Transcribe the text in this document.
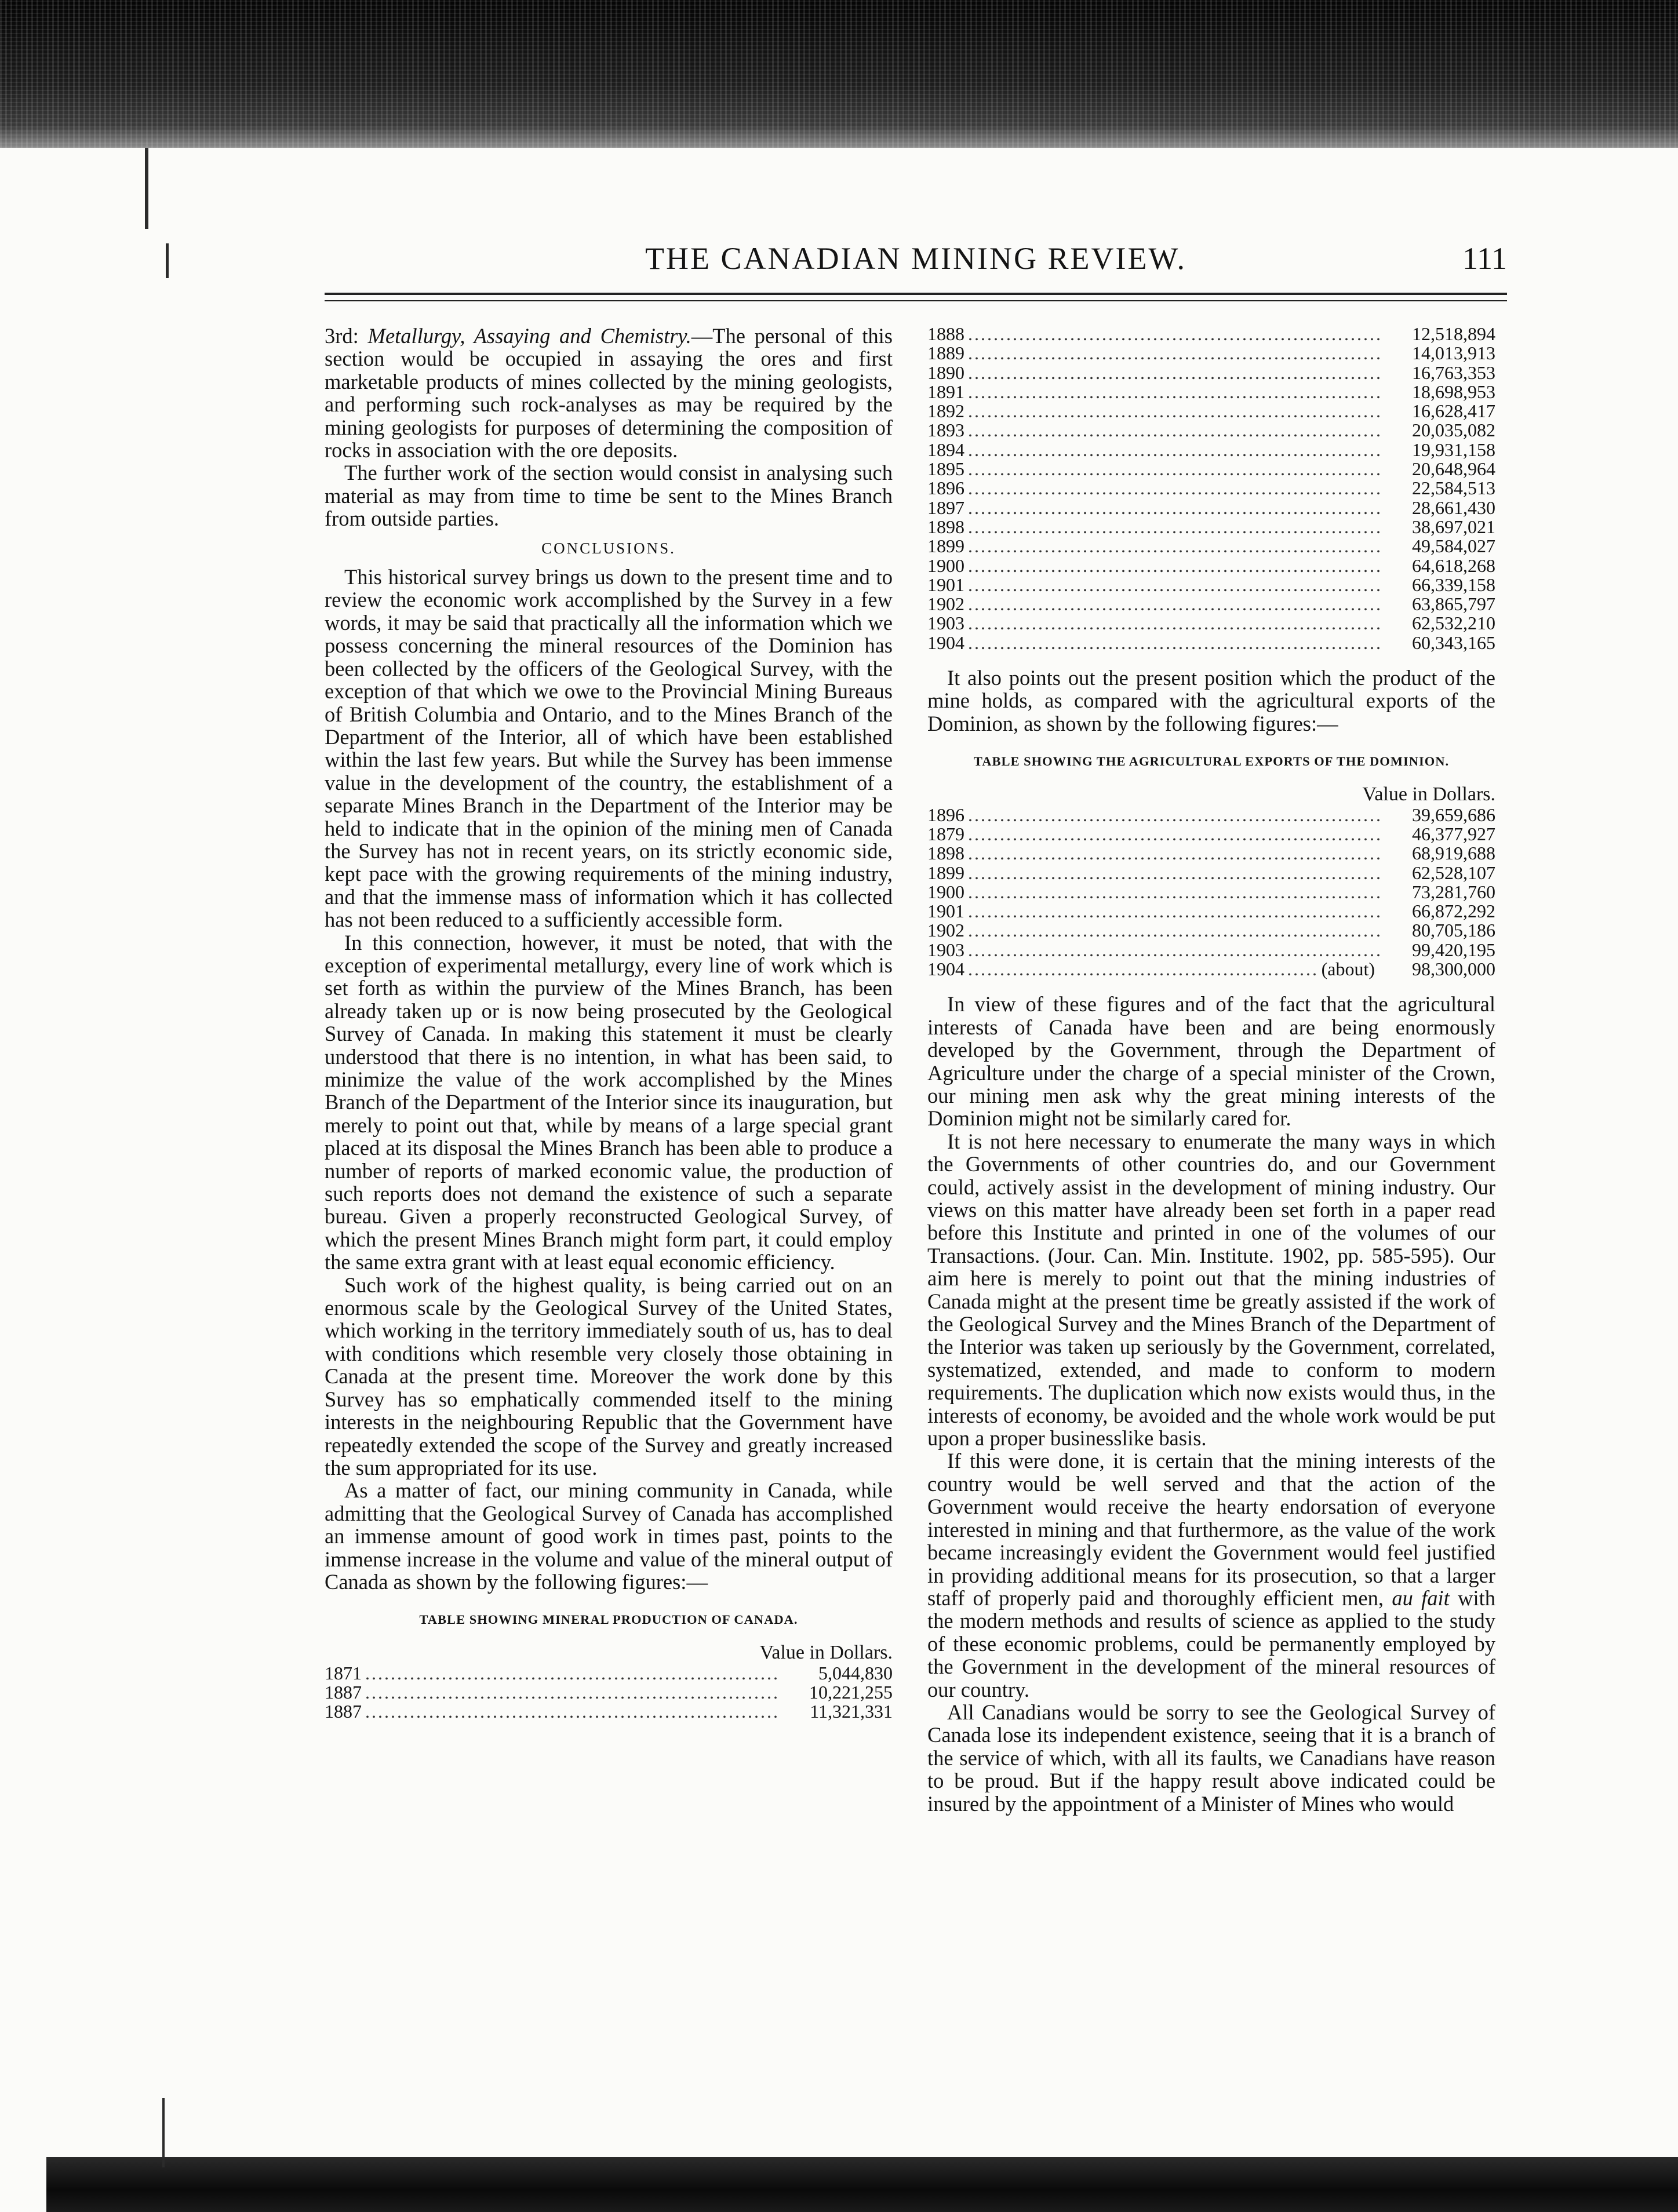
THE CANADIAN MINING REVIEW.	111

3rd: Metallurgy, Assaying and Chemistry.—The personal of this section would be occupied in assaying the ores and first marketable products of mines collected by the mining geologists, and performing such rock-analyses as may be required by the mining geologists for purposes of determining the composition of rocks in association with the ore deposits.

The further work of the section would consist in analysing such material as may from time to time be sent to the Mines Branch from outside parties.

CONCLUSIONS.

This historical survey brings us down to the present time and to review the economic work accomplished by the Survey in a few words, it may be said that practically all the information which we possess concerning the mineral resources of the Dominion has been collected by the officers of the Geological Survey, with the exception of that which we owe to the Provincial Mining Bureaus of British Columbia and Ontario, and to the Mines Branch of the Department of the Interior, all of which have been established within the last few years. But while the Survey has been immense value in the development of the country, the establishment of a separate Mines Branch in the Department of the Interior may be held to indicate that in the opinion of the mining men of Canada the Survey has not in recent years, on its strictly economic side, kept pace with the growing requirements of the mining industry, and that the immense mass of information which it has collected has not been reduced to a sufficiently accessible form.

In this connection, however, it must be noted, that with the exception of experimental metallurgy, every line of work which is set forth as within the purview of the Mines Branch, has been already taken up or is now being prosecuted by the Geological Survey of Canada. In making this statement it must be clearly understood that there is no intention, in what has been said, to minimize the value of the work accomplished by the Mines Branch of the Department of the Interior since its inauguration, but merely to point out that, while by means of a large special grant placed at its disposal the Mines Branch has been able to produce a number of reports of marked economic value, the production of such reports does not demand the existence of such a separate bureau. Given a properly reconstructed Geological Survey, of which the present Mines Branch might form part, it could employ the same extra grant with at least equal economic efficiency.

Such work of the highest quality, is being carried out on an enormous scale by the Geological Survey of the United States, which working in the territory immediately south of us, has to deal with conditions which resemble very closely those obtaining in Canada at the present time. Moreover the work done by this Survey has so emphatically commended itself to the mining interests in the neighbouring Republic that the Government have repeatedly extended the scope of the Survey and greatly increased the sum appropriated for its use.

As a matter of fact, our mining community in Canada, while admitting that the Geological Survey of Canada has accomplished an immense amount of good work in times past, points to the immense increase in the volume and value of the mineral output of Canada as shown by the following figures:—

TABLE SHOWING MINERAL PRODUCTION OF CANADA.
Value in Dollars.
1871 .....	5,044,830
1887 .....	10,221,255
1887 .....	11,321,331
1888 .....	12,518,894
1889 .....	14,013,913
1890 .....	16,763,353
1891 .....	18,698,953
1892 .....	16,628,417
1893 .....	20,035,082
1894 .....	19,931,158
1895 .....	20,648,964
1896 .....	22,584,513
1897 .....	28,661,430
1898 .....	38,697,021
1899 .....	49,584,027
1900 .....	64,618,268
1901 .....	66,339,158
1902 .....	63,865,797
1903 .....	62,532,210
1904 .....	60,343,165

It also points out the present position which the product of the mine holds, as compared with the agricultural exports of the Dominion, as shown by the following figures:—

TABLE SHOWING THE AGRICULTURAL EXPORTS OF THE DOMINION.
Value in Dollars.
1896 .....	39,659,686
1879 .....	46,377,927
1898 .....	68,919,688
1899 .....	62,528,107
1900 .....	73,281,760
1901 .....	66,872,292
1902 .....	80,705,186
1903 .....	99,420,195
1904 .....	(about)	98,300,000

In view of these figures and of the fact that the agricultural interests of Canada have been and are being enormously developed by the Government, through the Department of Agriculture under the charge of a special minister of the Crown, our mining men ask why the great mining interests of the Dominion might not be similarly cared for.

It is not here necessary to enumerate the many ways in which the Governments of other countries do, and our Government could, actively assist in the development of mining industry. Our views on this matter have already been set forth in a paper read before this Institute and printed in one of the volumes of our Transactions. (Jour. Can. Min. Institute. 1902, pp. 585-595). Our aim here is merely to point out that the mining industries of Canada might at the present time be greatly assisted if the work of the Geological Survey and the Mines Branch of the Department of the Interior was taken up seriously by the Government, correlated, systematized, extended, and made to conform to modern requirements. The duplication which now exists would thus, in the interests of economy, be avoided and the whole work would be put upon a proper businesslike basis.

If this were done, it is certain that the mining interests of the country would be well served and that the action of the Government would receive the hearty endorsation of everyone interested in mining and that furthermore, as the value of the work became increasingly evident the Government would feel justified in providing additional means for its prosecution, so that a larger staff of properly paid and thoroughly efficient men, au fait with the modern methods and results of science as applied to the study of these economic problems, could be permanently employed by the Government in the development of the mineral resources of our country.

All Canadians would be sorry to see the Geological Survey of Canada lose its independent existence, seeing that it is a branch of the service of which, with all its faults, we Canadians have reason to be proud. But if the happy result above indicated could be insured by the appointment of a Minister of Mines who would
